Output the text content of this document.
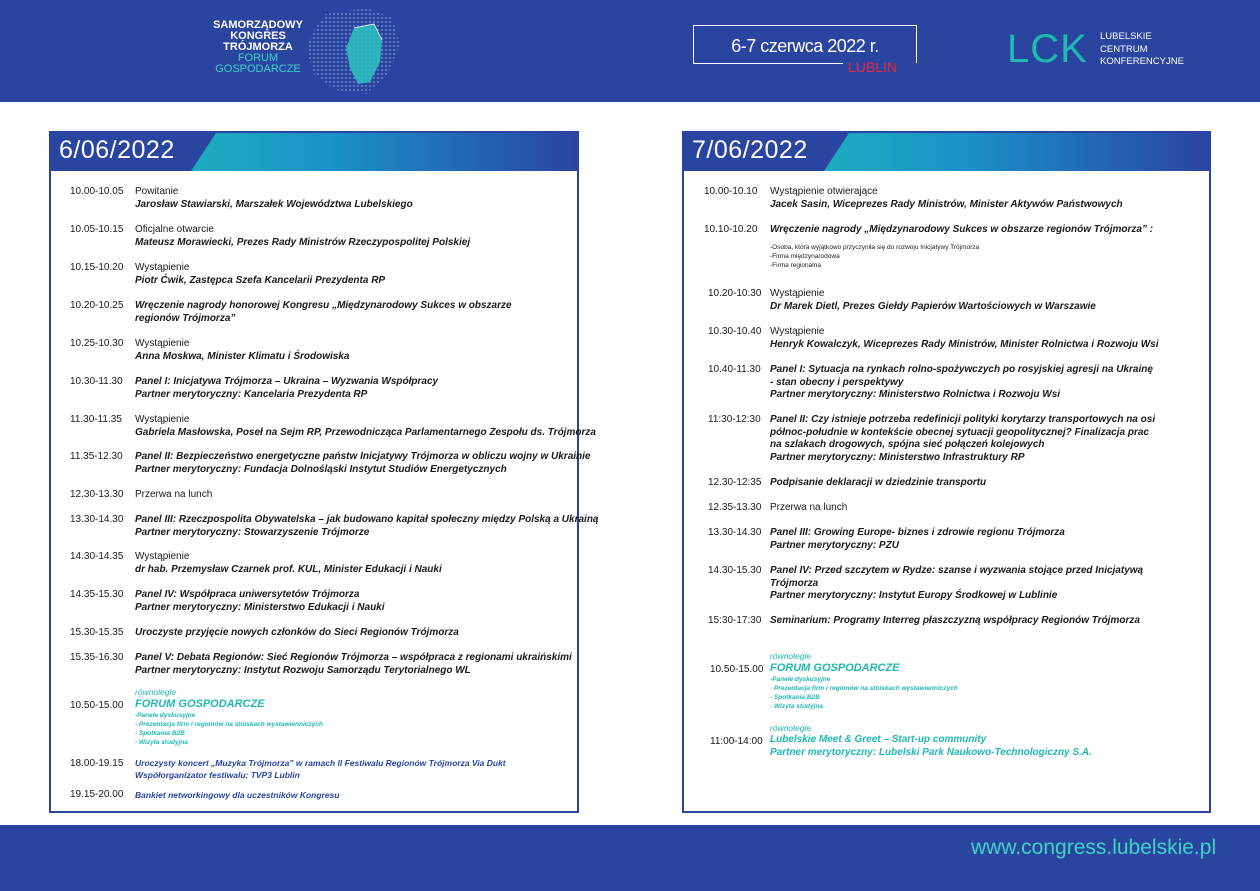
SAMORZĄDOWY
KONGRES
TRÓJMORZA
FORUM
GOSPODARCZE
6-7 czerwca 2022 r.
LUBLIN	LCK LUBELSKIE
CENTRUM
KONFERENCYJNE
6/06/2022
10.00-10.05 Powitanie
Jarosław Stawiarski, Marszałek Województwa Lubelskiego
10.05-10.15 Oficjalne otwarcie
Mateusz Morawiecki, Prezes Rady Ministrów Rzeczypospolitej Polskiej
10.15-10.20 Wystąpienie
Piotr Ćwik, Zastępca Szefa Kancelarii Prezydenta RP
10.20-10.25 Wręczenie nagrody honorowej Kongresu „Międzynarodowy Sukces w obszarze
regionów Trójmorza”
10.25-10.30 Wystąpienie
Anna Moskwa, Minister Klimatu i Środowiska
10.30-11.30 Panel I: Inicjatywa Trójmorza – Ukraina – Wyzwania Współpracy
Partner merytoryczny: Kancelaria Prezydenta RP
11.30-11.35 Wystąpienie
Gabriela Masłowska, Poseł na Sejm RP, Przewodnicząca Parlamentarnego Zespołu ds. Trójmorza
11.35-12.30 Panel II: Bezpieczeństwo energetyczne państw Inicjatywy Trójmorza w obliczu wojny w Ukrainie
Partner merytoryczny: Fundacja Dolnośląski Instytut Studiów Energetycznych
12.30-13.30 Przerwa na lunch
13.30-14.30 Panel III: Rzeczpospolita Obywatelska – jak budowano kapitał społeczny między Polską a Ukrainą
Partner merytoryczny: Stowarzyszenie Trójmorze
14.30-14.35 Wystąpienie
dr hab. Przemysław Czarnek prof. KUL, Minister Edukacji i Nauki
14.35-15.30 Panel IV: Współpraca uniwersytetów Trójmorza
Partner merytoryczny: Ministerstwo Edukacji i Nauki
15.30-15.35 Uroczyste przyjęcie nowych członków do Sieci Regionów Trójmorza
15.35-16.30 Panel V: Debata Regionów: Sieć Regionów Trójmorza – współpraca z regionami ukraińskimi
Partner merytoryczny: Instytut Rozwoju Samorządu Terytorialnego WL
10.50-15.00
równolegle
FORUM GOSPODARCZE
-Panele dyskusyjne
- Prezentacja firm i regionów na stoiskach wystawienniczych
- Spotkania B2B
- Wizyta studyjna
18.00-19.15 Uroczysty koncert „Muzyka Trójmorza” w ramach II Festiwalu Regionów Trójmorza Via Dukt
Współorganizator festiwalu: TVP3 Lublin
19.15-20.00 Bankiet networkingowy dla uczestników Kongresu
7/06/2022
10.00-10.10 Wystąpienie otwierające
Jacek Sasin, Wiceprezes Rady Ministrów, Minister Aktywów Państwowych
10.10-10.20 Wręczenie nagrody „Międzynarodowy Sukces w obszarze regionów Trójmorza” :
-Osoba, która wyjątkowo przyczyniła się do rozwoju Inicjatywy Trójmorza
-Firma międzynarodowa
-Firma regionalna
10.20-10.30 Wystąpienie
Dr Marek Dietl, Prezes Giełdy Papierów Wartościowych w Warszawie
10.30-10.40 Wystąpienie
Henryk Kowalczyk, Wiceprezes Rady Ministrów, Minister Rolnictwa i Rozwoju Wsi
10.40-11.30 Panel I: Sytuacja na rynkach rolno-spożywczych po rosyjskiej agresji na Ukrainę
- stan obecny i perspektywy
Partner merytoryczny: Ministerstwo Rolnictwa i Rozwoju Wsi
11:30-12:30 Panel II: Czy istnieje potrzeba redefinicji polityki korytarzy transportowych na osi
północ-południe w kontekście obecnej sytuacji geopolitycznej? Finalizacja prac
na szlakach drogowych, spójna sieć połączeń kolejowych
Partner merytoryczny: Ministerstwo Infrastruktury RP
12.30-12:35 Podpisanie deklaracji w dziedzinie transportu
12.35-13.30 Przerwa na lunch
13.30-14.30 Panel III: Growing Europe- biznes i zdrowie regionu Trójmorza
Partner merytoryczny: PZU
14.30-15.30 Panel IV: Przed szczytem w Rydze: szanse i wyzwania stojące przed Inicjatywą
Trójmorza
Partner merytoryczny: Instytut Europy Środkowej w Lublinie
15:30-17:30 Seminarium: Programy Interreg płaszczyzną współpracy Regionów Trójmorza
10.50-15.00
równolegle
FORUM GOSPODARCZE
-Panele dyskusyjne
- Prezentacja firm i regionów na stoiskach wystawienniczych
- Spotkania B2B
- Wizyta studyjna
11:00-14:00
równolegle
Lubelskie Meet & Greet – Start-up community
Partner merytoryczny: Lubelski Park Naukowo-Technologiczny S.A.
www.congress.lubelskie.pl
